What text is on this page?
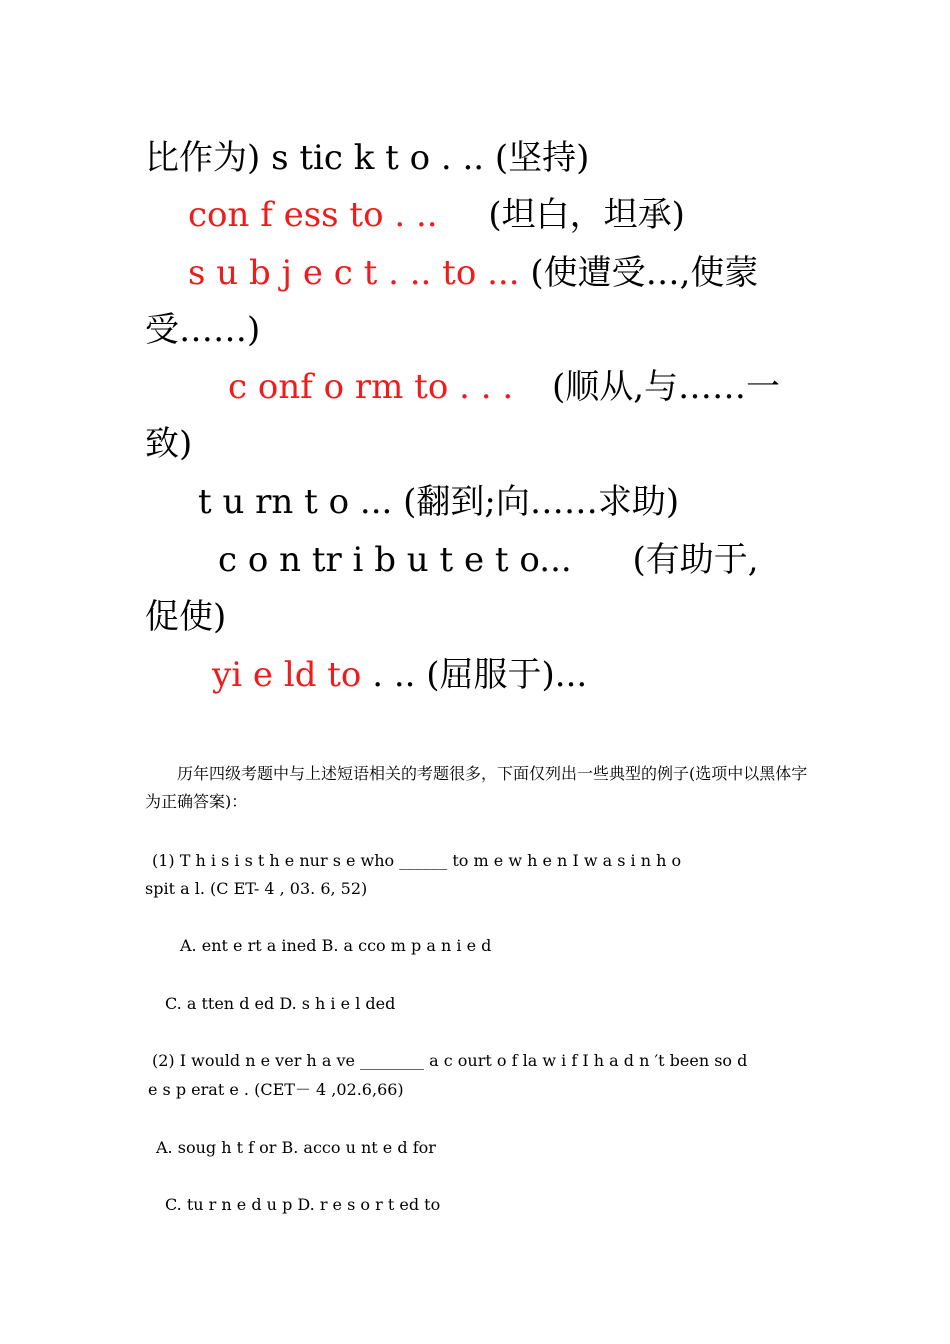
比作为) s tic k t o . .. (坚持)
con f ess to . .. (坦白，坦承)
s u b j e c t . .. to ... (使遭受…,使蒙
受……)
c onf o rm to . . . (顺从,与……一
致)
t u rn t o ... (翻到;向……求助)
c o n tr i b u t e t o... (有助于,
促使)
yi e ld to . .. (屈服于)...
历年四级考题中与上述短语相关的考题很多，下面仅列出一些典型的例子(选项中以黑体字为正确答案)：
(1) T h i s i s t h e nur s e who ______ to m e w h e n I w a s i n h o
spit a l. (C ET- 4 , 03. 6, 52)
A. ent e rt a ined B. a cco m p a n i e d
C. a tten d ed D. s h i e l ded
(2) I would n e ver h a ve ________ a c ourt o f la w i f I h a d n ′t been so d
e s p erat e . (CET－ 4 ,02.6,66)
A. soug h t f or B. acco u nt e d for
C. tu r n e d u p D. r e s o r t ed to
